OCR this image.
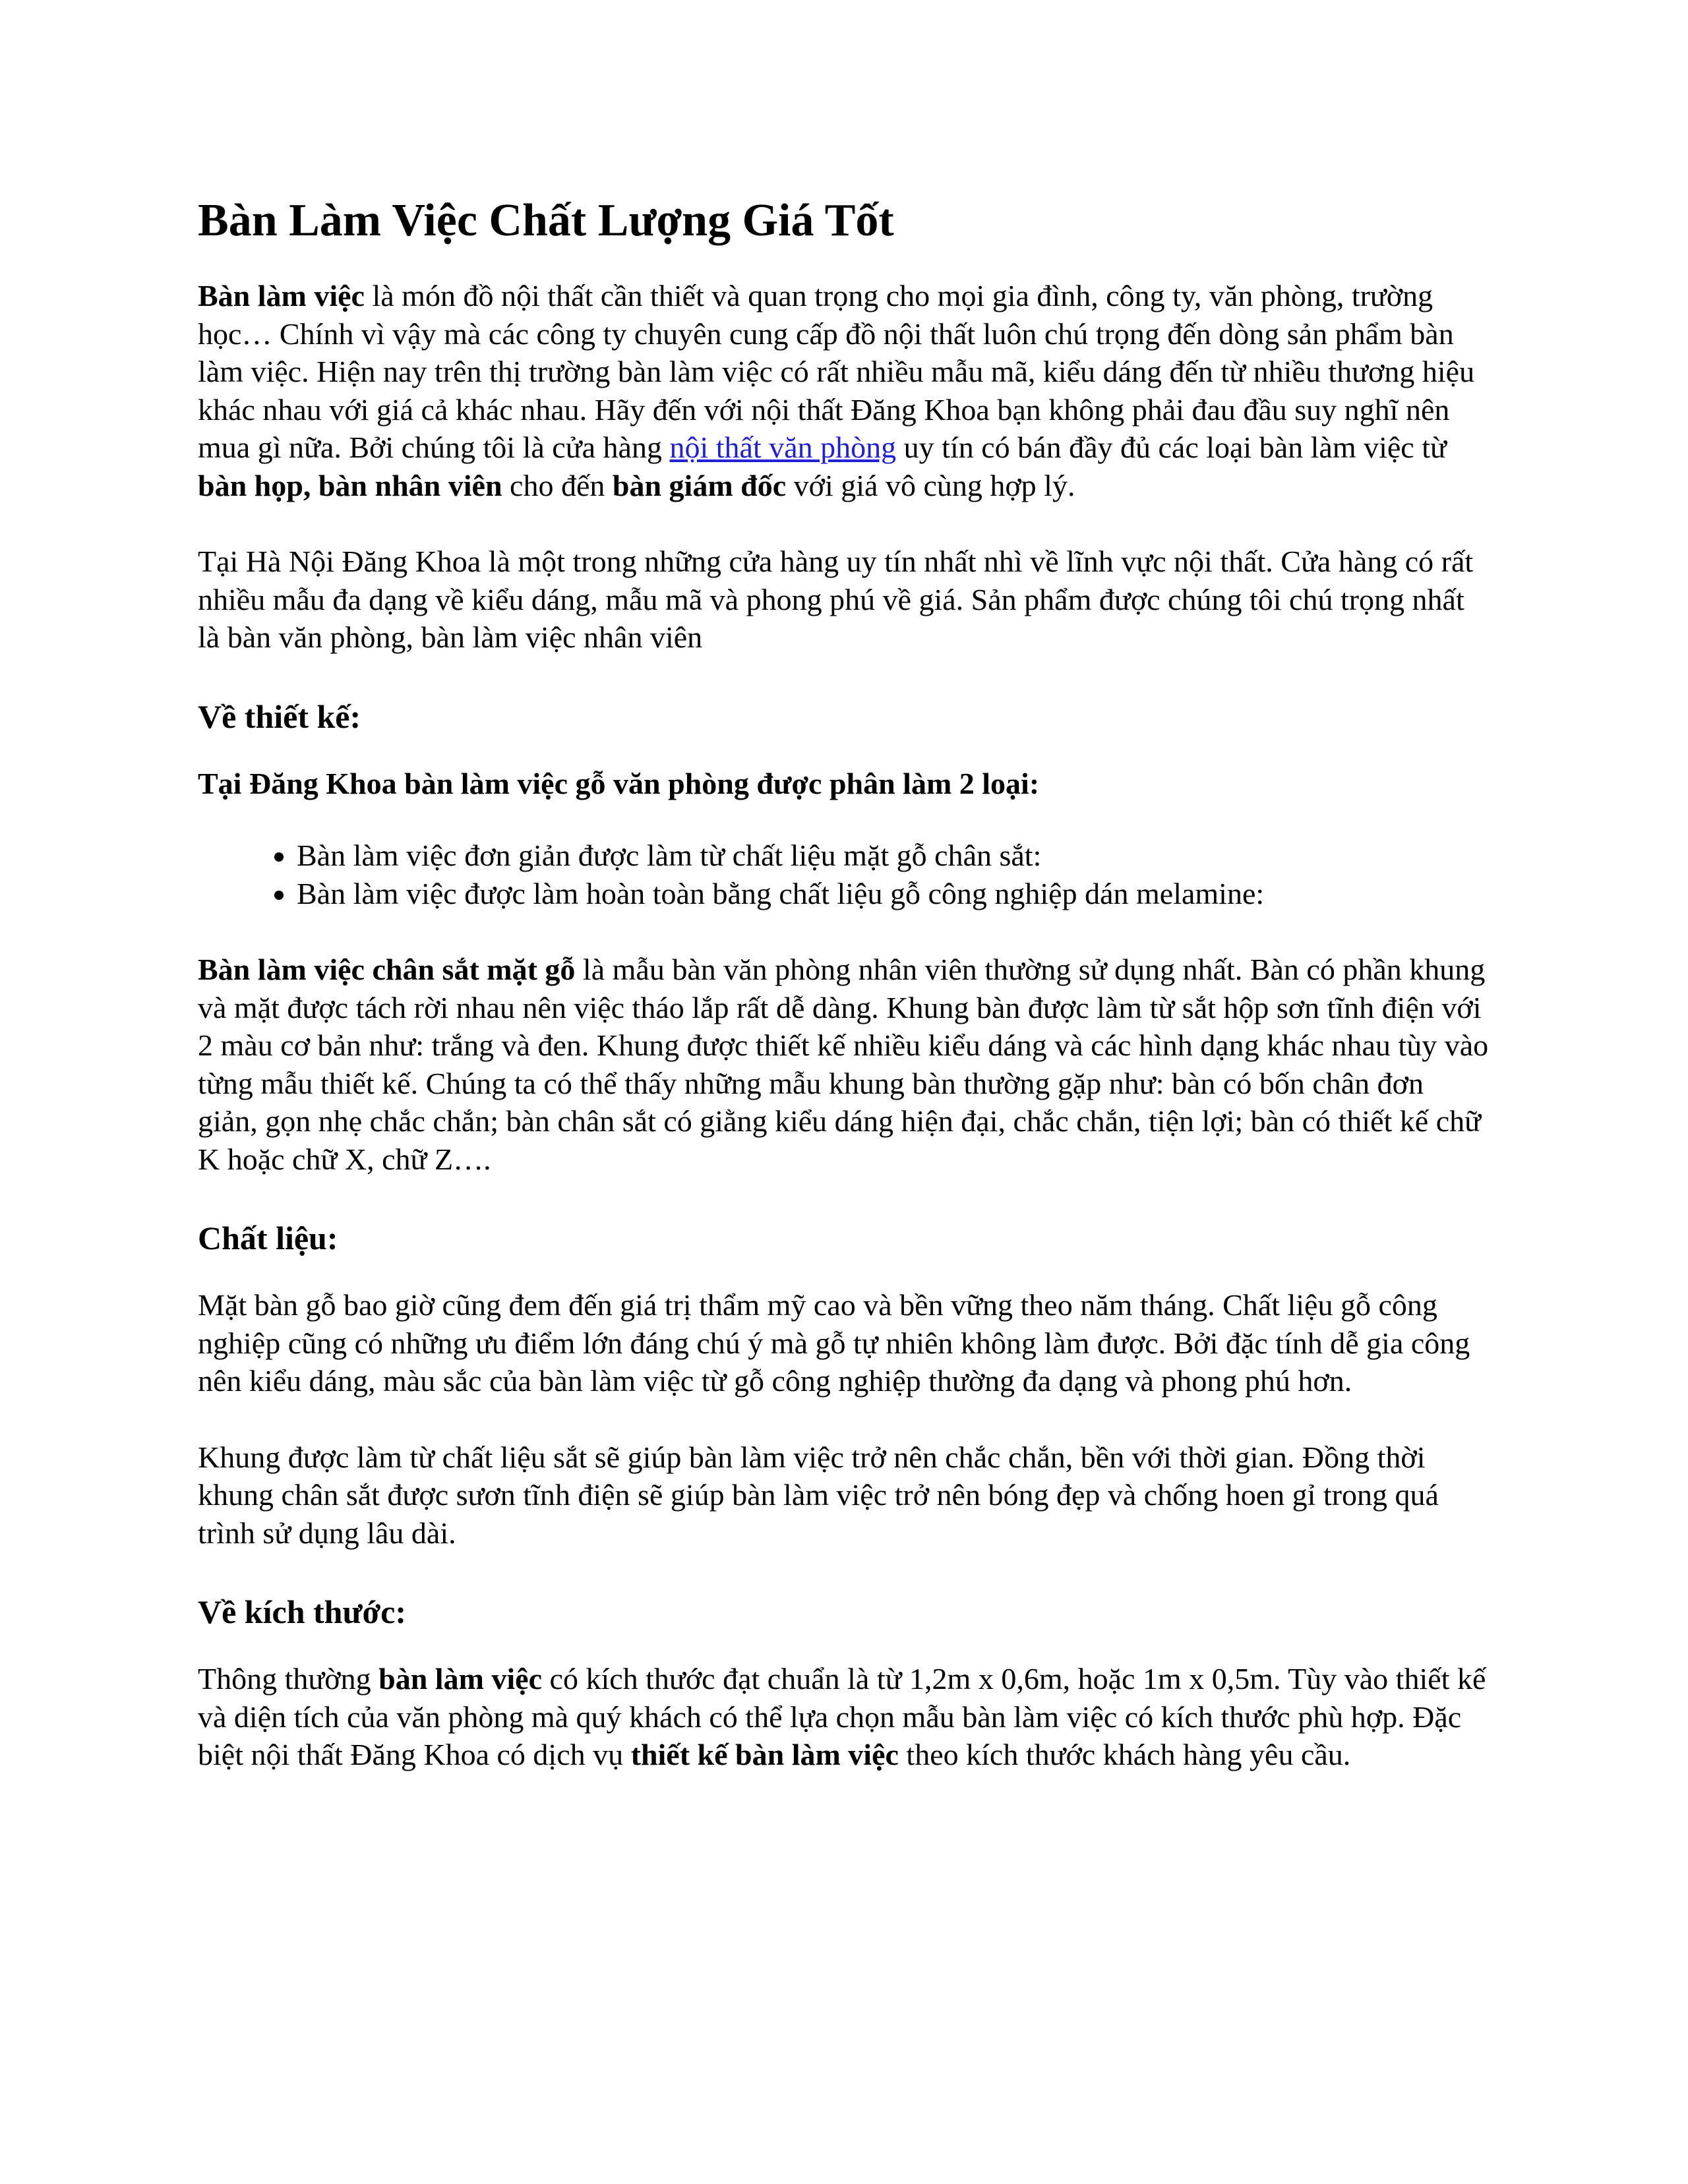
Bàn Làm Việc Chất Lượng Giá Tốt

Bàn làm việc là món đồ nội thất cần thiết và quan trọng cho mọi gia đình, công ty, văn phòng, trường học… Chính vì vậy mà các công ty chuyên cung cấp đồ nội thất luôn chú trọng đến dòng sản phẩm bàn làm việc. Hiện nay trên thị trường bàn làm việc có rất nhiều mẫu mã, kiểu dáng đến từ nhiều thương hiệu khác nhau với giá cả khác nhau. Hãy đến với nội thất Đăng Khoa bạn không phải đau đầu suy nghĩ nên mua gì nữa. Bởi chúng tôi là cửa hàng nội thất văn phòng uy tín có bán đầy đủ các loại bàn làm việc từ bàn họp, bàn nhân viên cho đến bàn giám đốc với giá vô cùng hợp lý.

Tại Hà Nội Đăng Khoa là một trong những cửa hàng uy tín nhất nhì về lĩnh vực nội thất. Cửa hàng có rất nhiều mẫu đa dạng về kiểu dáng, mẫu mã và phong phú về giá. Sản phẩm được chúng tôi chú trọng nhất là bàn văn phòng, bàn làm việc nhân viên

Về thiết kế:

Tại Đăng Khoa bàn làm việc gỗ văn phòng được phân làm 2 loại:

• Bàn làm việc đơn giản được làm từ chất liệu mặt gỗ chân sắt:
• Bàn làm việc được làm hoàn toàn bằng chất liệu gỗ công nghiệp dán melamine:

Bàn làm việc chân sắt mặt gỗ là mẫu bàn văn phòng nhân viên thường sử dụng nhất. Bàn có phần khung và mặt được tách rời nhau nên việc tháo lắp rất dễ dàng. Khung bàn được làm từ sắt hộp sơn tĩnh điện với 2 màu cơ bản như: trắng và đen. Khung được thiết kế nhiều kiểu dáng và các hình dạng khác nhau tùy vào từng mẫu thiết kế. Chúng ta có thể thấy những mẫu khung bàn thường gặp như: bàn có bốn chân đơn giản, gọn nhẹ chắc chắn; bàn chân sắt có giằng kiểu dáng hiện đại, chắc chắn, tiện lợi; bàn có thiết kế chữ K hoặc chữ X, chữ Z….

Chất liệu:

Mặt bàn gỗ bao giờ cũng đem đến giá trị thẩm mỹ cao và bền vững theo năm tháng. Chất liệu gỗ công nghiệp cũng có những ưu điểm lớn đáng chú ý mà gỗ tự nhiên không làm được. Bởi đặc tính dễ gia công nên kiểu dáng, màu sắc của bàn làm việc từ gỗ công nghiệp thường đa dạng và phong phú hơn.

Khung được làm từ chất liệu sắt sẽ giúp bàn làm việc trở nên chắc chắn, bền với thời gian. Đồng thời khung chân sắt được sươn tĩnh điện sẽ giúp bàn làm việc trở nên bóng đẹp và chống hoen gỉ trong quá trình sử dụng lâu dài.

Về kích thước:

Thông thường bàn làm việc có kích thước đạt chuẩn là từ 1,2m x 0,6m, hoặc 1m x 0,5m. Tùy vào thiết kế và diện tích của văn phòng mà quý khách có thể lựa chọn mẫu bàn làm việc có kích thước phù hợp. Đặc biệt nội thất Đăng Khoa có dịch vụ thiết kế bàn làm việc theo kích thước khách hàng yêu cầu.
